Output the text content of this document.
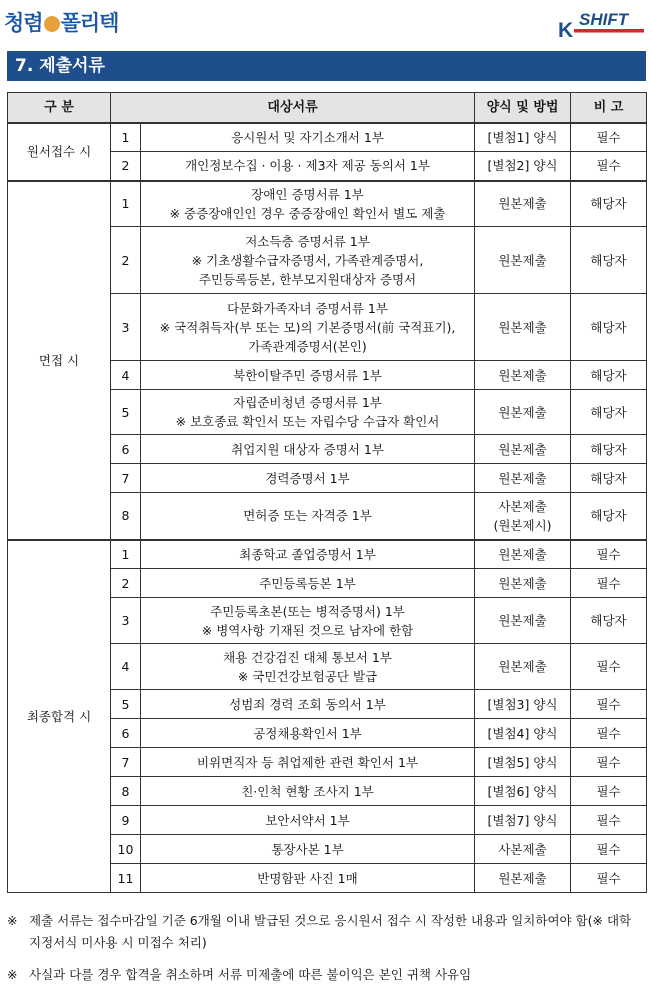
청렴 폴리텍	K SHIFT
7. 제출서류
구 분	대상서류		양식 및 방법	비 고
원서접수 시	1	응시원서 및 자기소개서 1부	[별첨1] 양식	필수
	2	개인정보수집 · 이용 · 제3자 제공 동의서 1부	[별첨2] 양식	필수
면접 시	1	장애인 증명서류 1부
※ 중증장애인인 경우 중증장애인 확인서 별도 제출	원본제출	해당자
	2	저소득층 증명서류 1부
※ 기초생활수급자증명서, 가족관계증명서,
주민등록등본, 한부모지원대상자 증명서	원본제출	해당자
	3	다문화가족자녀 증명서류 1부
※ 국적취득자(부 또는 모)의 기본증명서(前 국적표기),
가족관계증명서(본인)	원본제출	해당자
	4	북한이탈주민 증명서류 1부	원본제출	해당자
	5	자립준비청년 증명서류 1부
※ 보호종료 확인서 또는 자립수당 수급자 확인서	원본제출	해당자
	6	취업지원 대상자 증명서 1부	원본제출	해당자
	7	경력증명서 1부	원본제출	해당자
	8	면허증 또는 자격증 1부	사본제출
(원본제시)	해당자
최종합격 시	1	최종학교 졸업증명서 1부	원본제출	필수
	2	주민등록등본 1부	원본제출	필수
	3	주민등록초본(또는 병적증명서) 1부
※ 병역사항 기재된 것으로 남자에 한함	원본제출	해당자
	4	채용 건강검진 대체 통보서 1부
※ 국민건강보험공단 발급	원본제출	필수
	5	성범죄 경력 조회 동의서 1부	[별첨3] 양식	필수
	6	공정채용확인서 1부	[별첨4] 양식	필수
	7	비위면직자 등 취업제한 관련 확인서 1부	[별첨5] 양식	필수
	8	친·인척 현황 조사지 1부	[별첨6] 양식	필수
	9	보안서약서 1부	[별첨7] 양식	필수
	10	통장사본 1부	사본제출	필수
	11	반명함판 사진 1매	원본제출	필수
※ 제출 서류는 접수마감일 기준 6개월 이내 발급된 것으로 응시원서 접수 시 작성한 내용과 일치하여야 함(※ 대학 지정서식 미사용 시 미접수 처리)
※ 사실과 다를 경우 합격을 취소하며 서류 미제출에 따른 불이익은 본인 귀책 사유임
